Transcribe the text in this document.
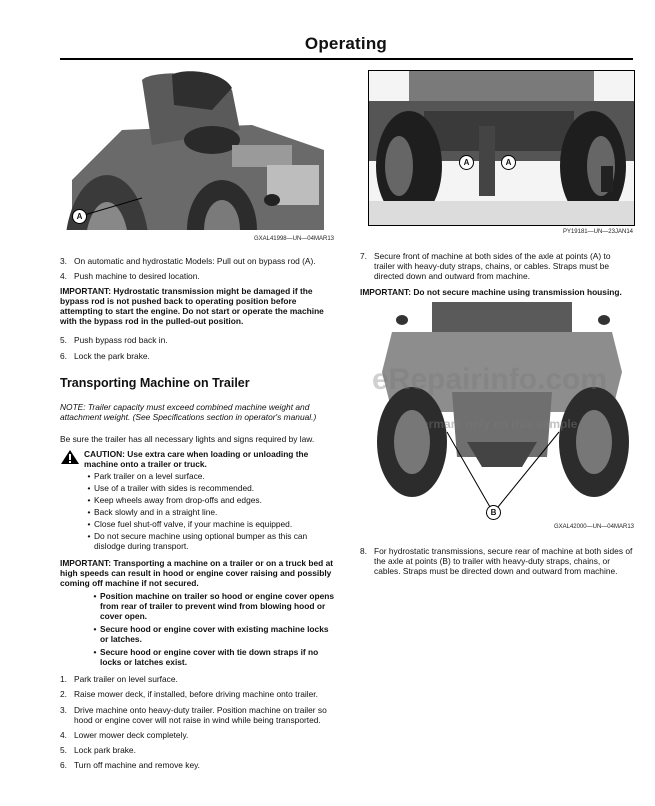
Operating
A
GXAL41998—UN—04MAR13
A	A
PY19181—UN—23JAN14
7. Secure front of machine at both sides of the axle at points (A) to trailer with heavy-duty straps, chains, or cables. Straps must be directed down and outward from machine.
IMPORTANT: Do not secure machine using transmission housing.
eRepairinfo.com
watermark only on this sample
B
GXAL42000—UN—04MAR13
8. For hydrostatic transmissions, secure rear of machine at both sides of the axle at points (B) to trailer with heavy-duty straps, chains, or cables. Straps must be directed down and outward from machine.
3. On automatic and hydrostatic Models: Pull out on bypass rod (A).
4. Push machine to desired location.
IMPORTANT: Hydrostatic transmission might be damaged if the bypass rod is not pushed back to operating position before attempting to start the engine. Do not start or operate the machine with the bypass rod in the pulled-out position.
5. Push bypass rod back in.
6. Lock the park brake.
Transporting Machine on Trailer
NOTE: Trailer capacity must exceed combined machine weight and attachment weight. (See Specifications section in operator's manual.)
Be sure the trailer has all necessary lights and signs required by law.
CAUTION: Use extra care when loading or unloading the machine onto a trailer or truck.
• Park trailer on a level surface.
• Use of a trailer with sides is recommended.
• Keep wheels away from drop-offs and edges.
• Back slowly and in a straight line.
• Close fuel shut-off valve, if your machine is equipped.
• Do not secure machine using optional bumper as this can dislodge during transport.
IMPORTANT: Transporting a machine on a trailer or on a truck bed at high speeds can result in hood or engine cover raising and possibly coming off machine if not secured.
• Position machine on trailer so hood or engine cover opens from rear of trailer to prevent wind from blowing hood or cover open.
• Secure hood or engine cover with existing machine locks or latches.
• Secure hood or engine cover with tie down straps if no locks or latches exist.
1. Park trailer on level surface.
2. Raise mower deck, if installed, before driving machine onto trailer.
3. Drive machine onto heavy-duty trailer. Position machine on trailer so hood or engine cover will not raise in wind while being transported.
4. Lower mower deck completely.
5. Lock park brake.
6. Turn off machine and remove key.
